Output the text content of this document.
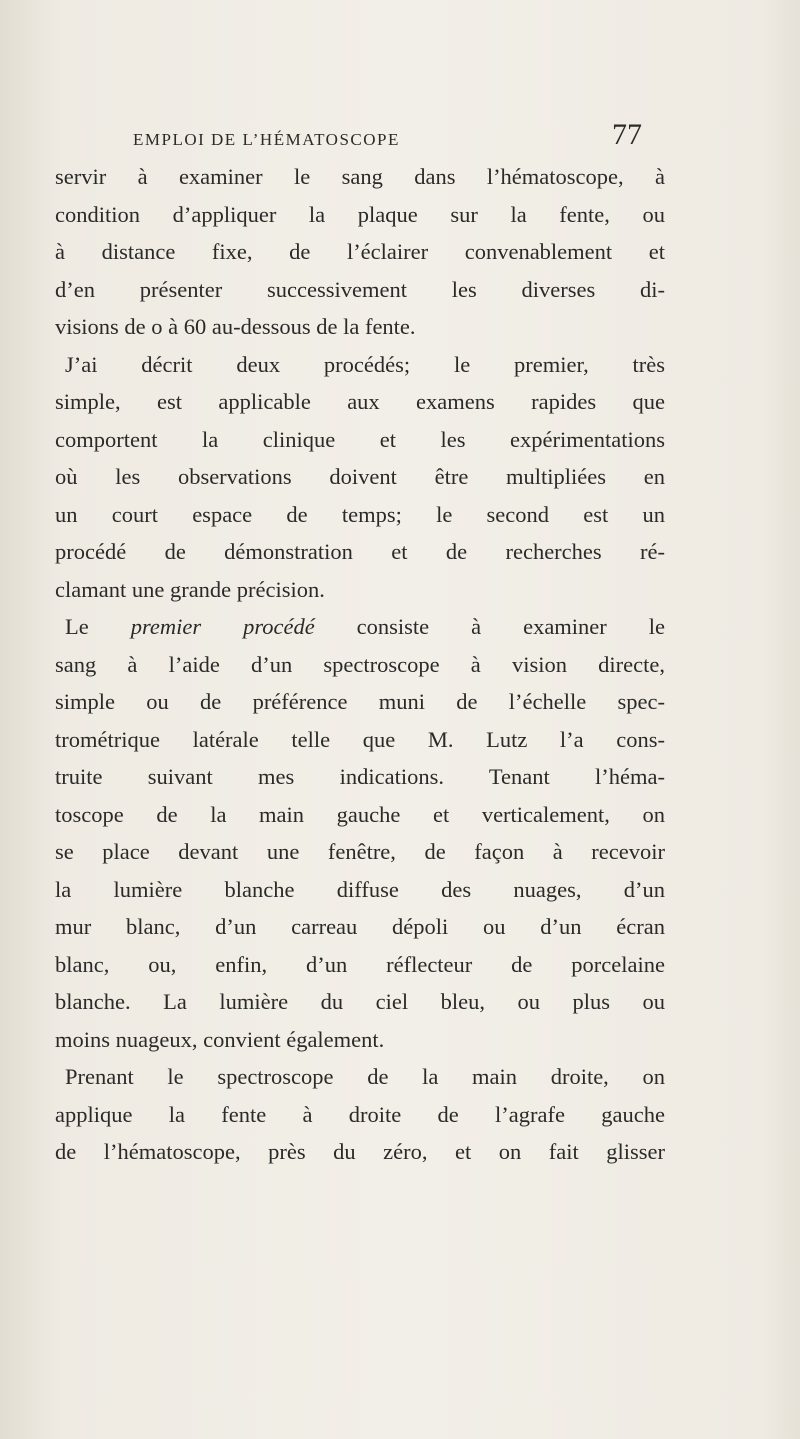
EMPLOI DE L’HÉMATOSCOPE	77
servir à examiner le sang dans l’hématoscope, à
condition d’appliquer la plaque sur la fente, ou
à distance fixe, de l’éclairer convenablement et
d’en présenter successivement les diverses di-
visions de o à 60 au-dessous de la fente.
J’ai décrit deux procédés; le premier, très
simple, est applicable aux examens rapides que
comportent la clinique et les expérimentations
où les observations doivent être multipliées en
un court espace de temps; le second est un
procédé de démonstration et de recherches ré-
clamant une grande précision.
Le premier procédé consiste à examiner le
sang à l’aide d’un spectroscope à vision directe,
simple ou de préférence muni de l’échelle spec-
trométrique latérale telle que M. Lutz l’a cons-
truite suivant mes indications. Tenant l’héma-
toscope de la main gauche et verticalement, on
se place devant une fenêtre, de façon à recevoir
la lumière blanche diffuse des nuages, d’un
mur blanc, d’un carreau dépoli ou d’un écran
blanc, ou, enfin, d’un réflecteur de porcelaine
blanche. La lumière du ciel bleu, ou plus ou
moins nuageux, convient également.
Prenant le spectroscope de la main droite, on
applique la fente à droite de l’agrafe gauche
de l’hématoscope, près du zéro, et on fait glisser
